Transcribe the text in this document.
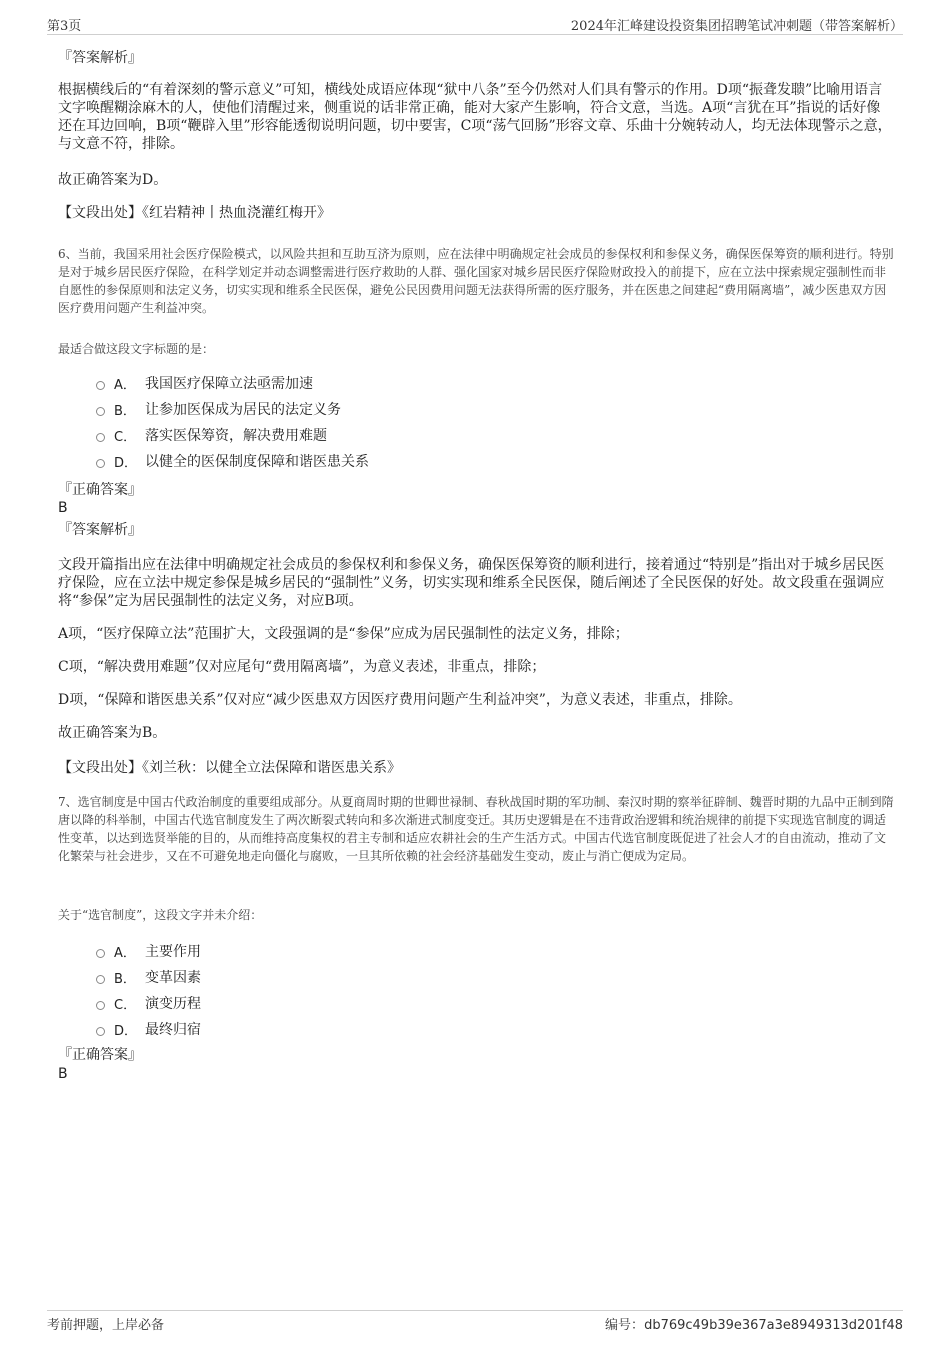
第3页	2024年汇峰建设投资集团招聘笔试冲刺题（带答案解析）
『答案解析』

根据横线后的“有着深刻的警示意义”可知，横线处成语应体现“狱中八条”至今仍然对人们具有警示的作用。D项“振聋发聩”比喻用语言文字唤醒糊涂麻木的人，使他们清醒过来，侧重说的话非常正确，能对大家产生影响，符合文意，当选。A项“言犹在耳”指说的话好像还在耳边回响，B项“鞭辟入里”形容能透彻说明问题，切中要害，C项“荡气回肠”形容文章、乐曲十分婉转动人，均无法体现警示之意，与文意不符，排除。

故正确答案为D。
【文段出处】《红岩精神丨热血浇灌红梅开》

6、当前，我国采用社会医疗保险模式，以风险共担和互助互济为原则，应在法律中明确规定社会成员的参保权利和参保义务，确保医保筹资的顺利进行。特别是对于城乡居民医疗保险，在科学划定并动态调整需进行医疗救助的人群、强化国家对城乡居民医疗保险财政投入的前提下，应在立法中探索规定强制性而非自愿性的参保原则和法定义务，切实实现和维系全民医保，避免公民因费用问题无法获得所需的医疗服务，并在医患之间建起“费用隔离墙”，减少医患双方因医疗费用问题产生利益冲突。

最适合做这段文字标题的是：
A． 我国医疗保障立法亟需加速
B． 让参加医保成为居民的法定义务
C． 落实医保筹资，解决费用难题
D． 以健全的医保制度保障和谐医患关系
『正确答案』
B
『答案解析』

文段开篇指出应在法律中明确规定社会成员的参保权利和参保义务，确保医保筹资的顺利进行，接着通过“特别是”指出对于城乡居民医疗保险，应在立法中规定参保是城乡居民的“强制性”义务，切实实现和维系全民医保，随后阐述了全民医保的好处。故文段重在强调应将“参保”定为居民强制性的法定义务，对应B项。

A项，“医疗保障立法”范围扩大，文段强调的是“参保”应成为居民强制性的法定义务，排除；

C项，“解决费用难题”仅对应尾句“费用隔离墙”，为意义表述，非重点，排除；

D项，“保障和谐医患关系”仅对应“减少医患双方因医疗费用问题产生利益冲突”，为意义表述，非重点，排除。

故正确答案为B。
【文段出处】《刘兰秋：以健全立法保障和谐医患关系》

7、选官制度是中国古代政治制度的重要组成部分。从夏商周时期的世卿世禄制、春秋战国时期的军功制、秦汉时期的察举征辟制、魏晋时期的九品中正制到隋唐以降的科举制，中国古代选官制度发生了两次断裂式转向和多次渐进式制度变迁。其历史逻辑是在不违背政治逻辑和统治规律的前提下实现选官制度的调适性变革，以达到选贤举能的目的，从而维持高度集权的君主专制和适应农耕社会的生产生活方式。中国古代选官制度既促进了社会人才的自由流动，推动了文化繁荣与社会进步，又在不可避免地走向僵化与腐败，一旦其所依赖的社会经济基础发生变动，废止与消亡便成为定局。

关于“选官制度”，这段文字并未介绍：
A． 主要作用
B． 变革因素
C． 演变历程
D． 最终归宿
『正确答案』
B
考前押题，上岸必备	编号：db769c49b39e367a3e8949313d201f48
